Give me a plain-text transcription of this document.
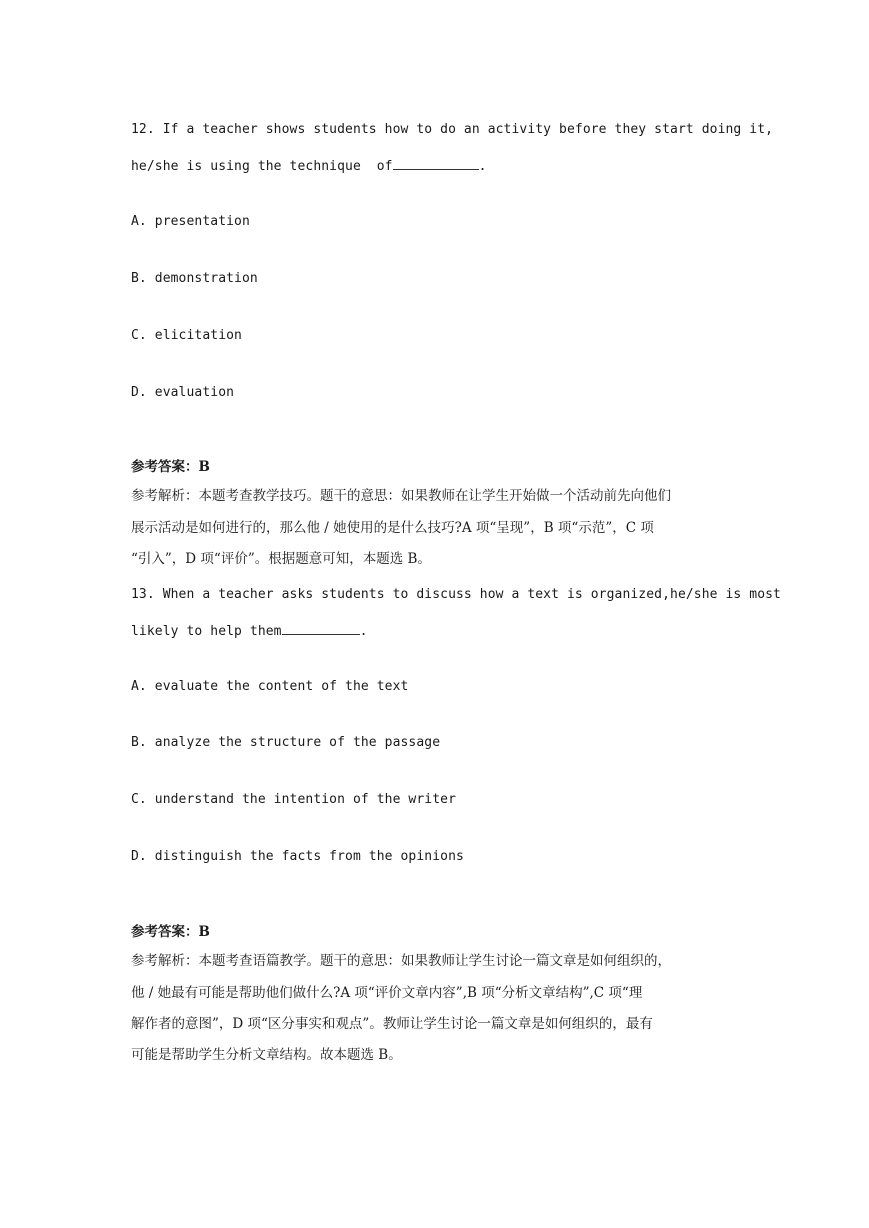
12. If a teacher shows students how to do an activity before they start doing it,
he/she is using the technique  of	.
A. presentation
B. demonstration
C. elicitation
D. evaluation
参考答案：B
参考解析：本题考查教学技巧。题干的意思：如果教师在让学生开始做一个活动前先向他们
展示活动是如何进行的，那么他 / 她使用的是什么技巧?A 项“呈现”，B 项“示范”，C 项
“引入”，D 项“评价”。根据题意可知，本题选 B。
13. When a teacher asks students to discuss how a text is organized,he/she is most
likely to help them	.
A. evaluate the content of the text
B. analyze the structure of the passage
C. understand the intention of the writer
D. distinguish the facts from the opinions
参考答案：B
参考解析：本题考查语篇教学。题干的意思：如果教师让学生讨论一篇文章是如何组织的，
他 / 她最有可能是帮助他们做什么?A 项“评价文章内容”,B 项“分析文章结构”,C 项“理
解作者的意图”，D 项“区分事实和观点”。教师让学生讨论一篇文章是如何组织的，最有
可能是帮助学生分析文章结构。故本题选 B。
